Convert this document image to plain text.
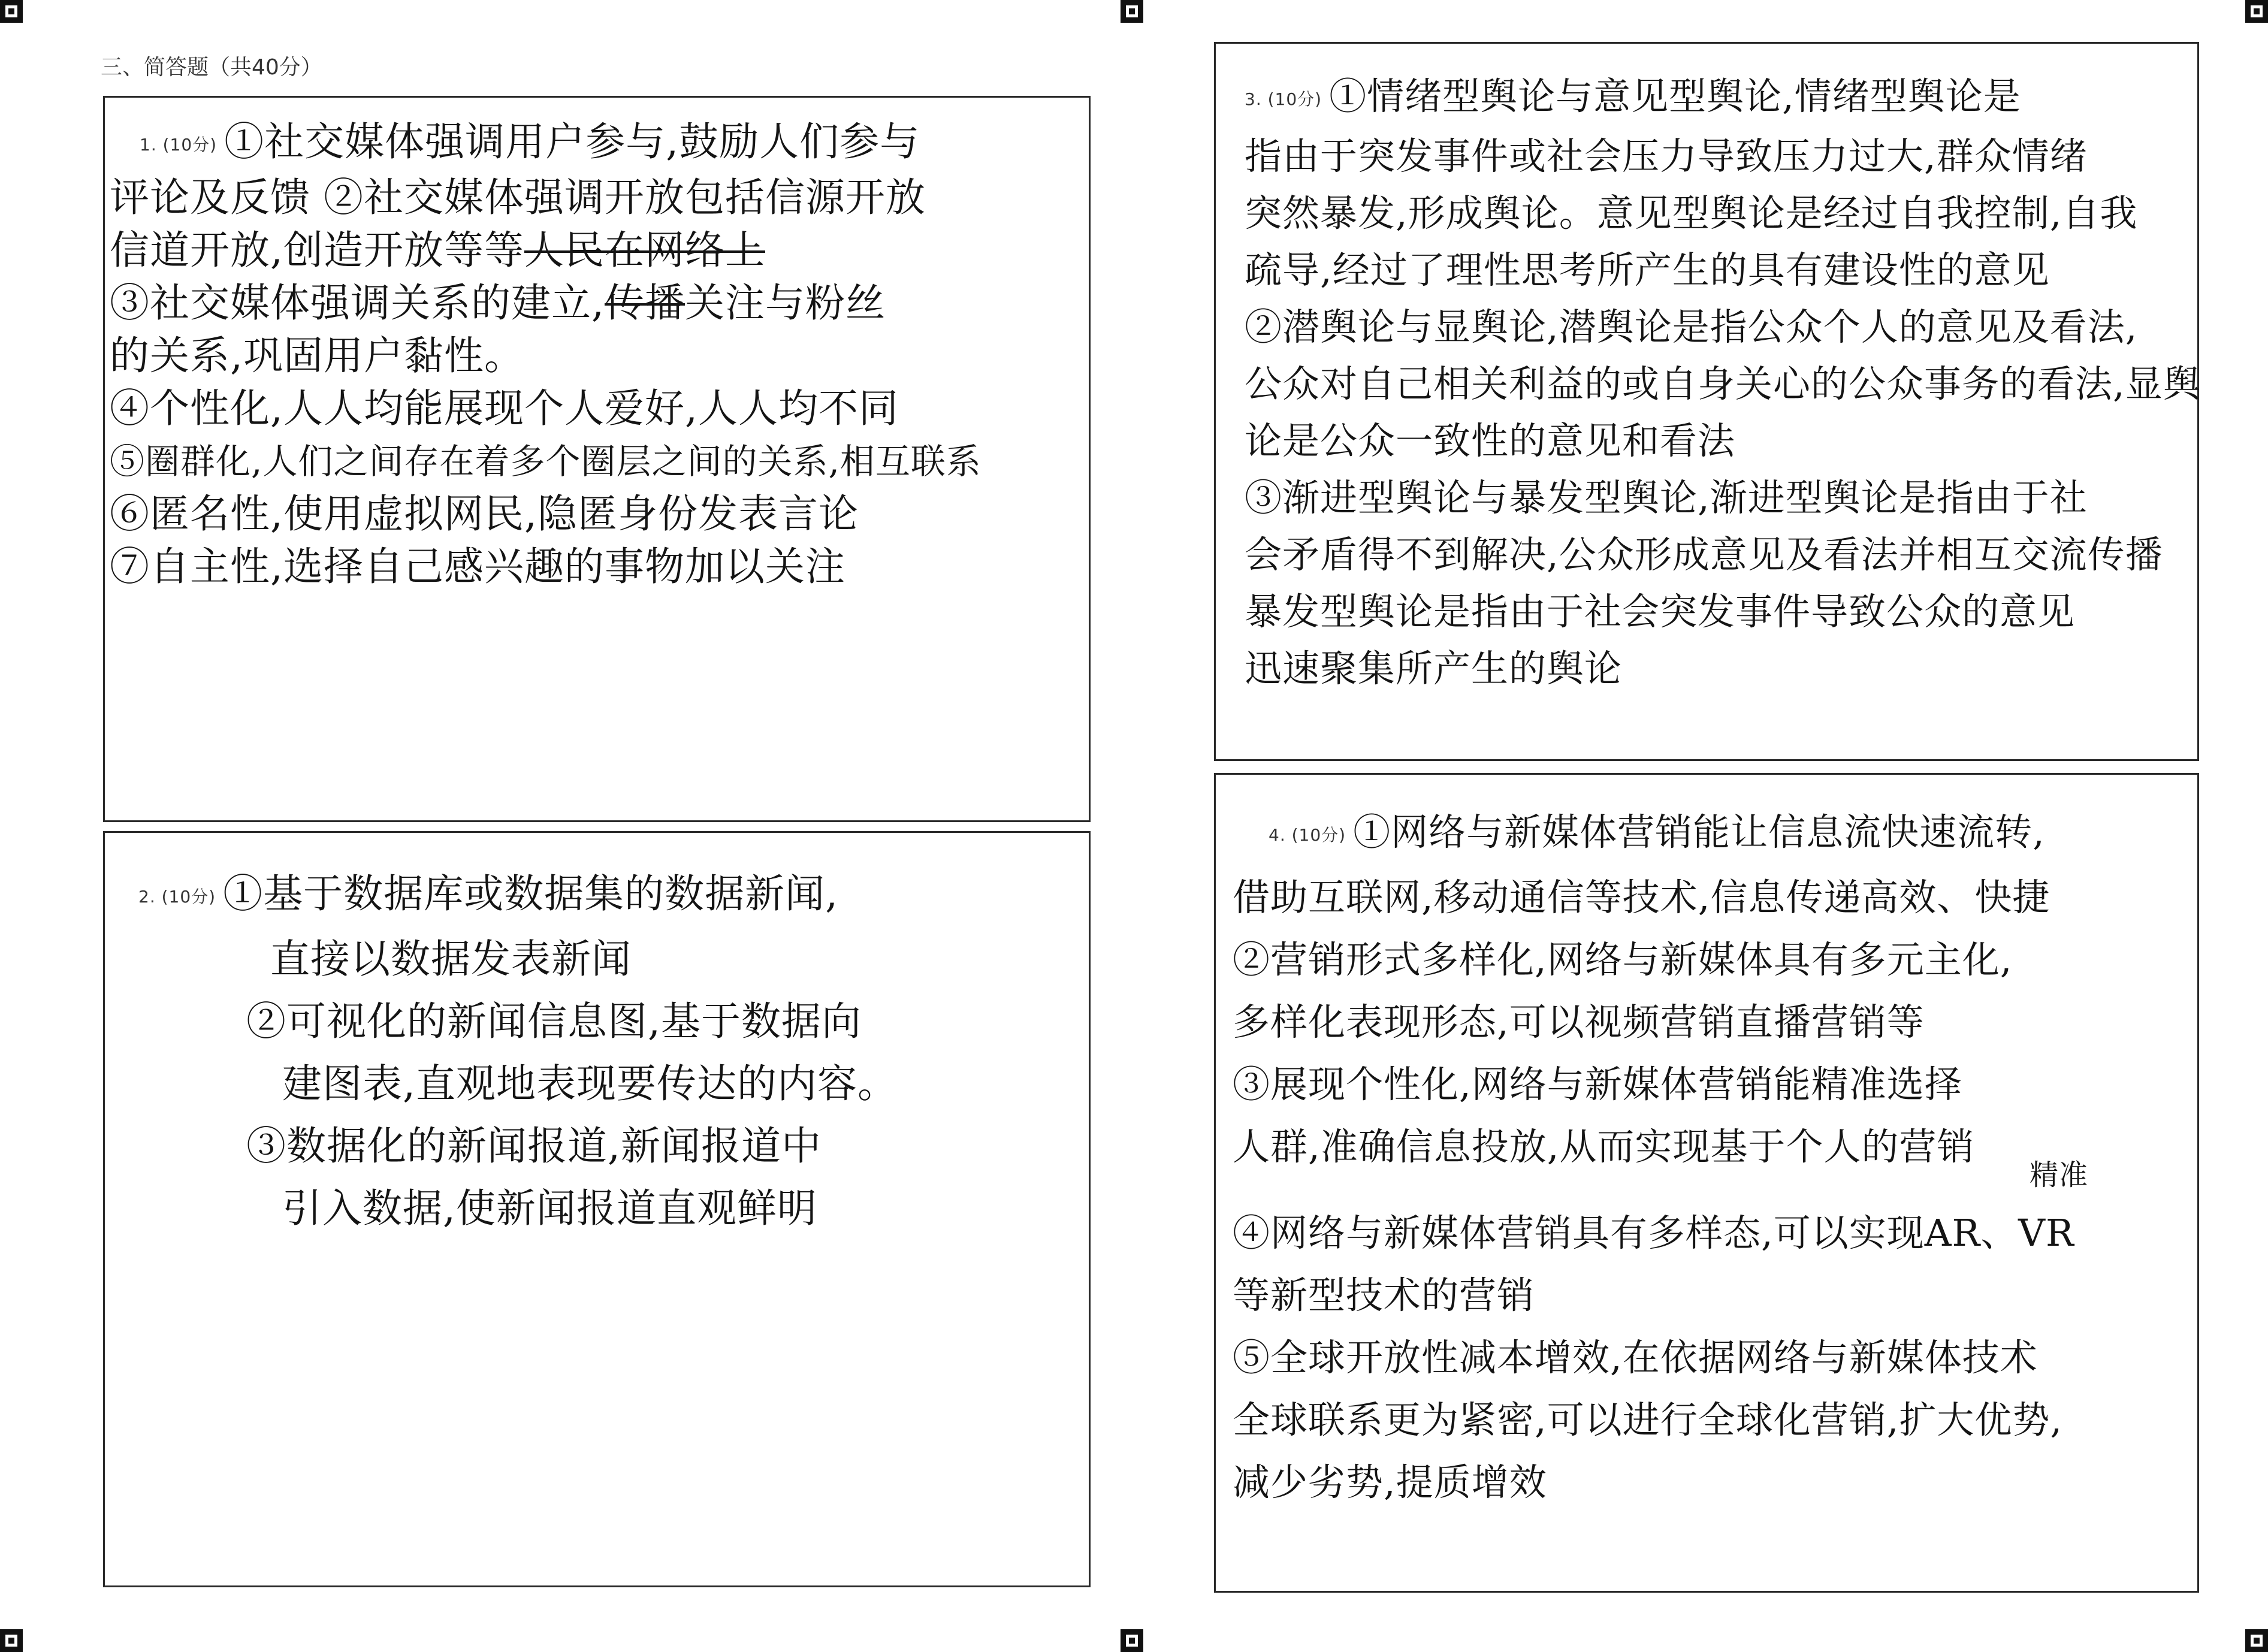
三、简答题（共40分）
1. (10分) ①社交媒体强调用户参与,鼓励人们参与
评论及反馈 ②社交媒体强调开放包括信源开放
信道开放,创造开放等等人民在网络上
③社交媒体强调关系的建立,传播关注与粉丝
的关系,巩固用户黏性。
④个性化,人人均能展现个人爱好,人人均不同
⑤圈群化,人们之间存在着多个圈层之间的关系,相互联系
⑥匿名性,使用虚拟网民,隐匿身份发表言论
⑦自主性,选择自己感兴趣的事物加以关注
2. (10分) ①基于数据库或数据集的数据新闻,
直接以数据发表新闻
②可视化的新闻信息图,基于数据向
建图表,直观地表现要传达的内容。
③数据化的新闻报道,新闻报道中
引入数据,使新闻报道直观鲜明
3. (10分) ①情绪型舆论与意见型舆论,情绪型舆论是
指由于突发事件或社会压力导致压力过大,群众情绪
突然暴发,形成舆论。意见型舆论是经过自我控制,自我
疏导,经过了理性思考所产生的具有建设性的意见
②潜舆论与显舆论,潜舆论是指公众个人的意见及看法,
公众对自己相关利益的或自身关心的公众事务的看法,显舆
论是公众一致性的意见和看法
③渐进型舆论与暴发型舆论,渐进型舆论是指由于社
会矛盾得不到解决,公众形成意见及看法并相互交流传播
暴发型舆论是指由于社会突发事件导致公众的意见
迅速聚集所产生的舆论
4. (10分) ①网络与新媒体营销能让信息流快速流转,
借助互联网,移动通信等技术,信息传递高效、快捷
②营销形式多样化,网络与新媒体具有多元主化,
多样化表现形态,可以视频营销直播营销等
③展现个性化,网络与新媒体营销能精准选择
人群,准确信息投放,从而实现基于个人的营销
$^{精准}$
④网络与新媒体营销具有多样态,可以实现AR、VR
等新型技术的营销
⑤全球开放性减本增效,在依据网络与新媒体技术
全球联系更为紧密,可以进行全球化营销,扩大优势,
减少劣势,提质增效
